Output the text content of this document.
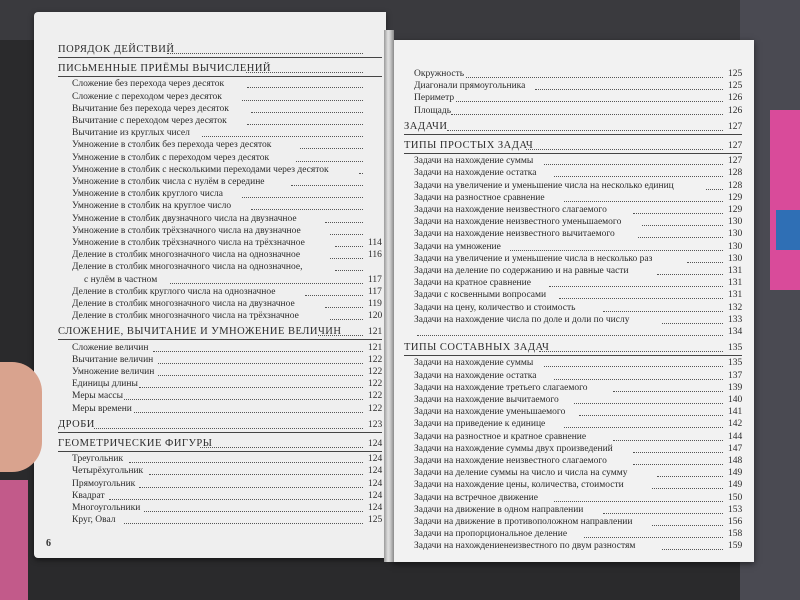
ПОРЯДОК ДЕЙСТВИЙ
ПИСЬМЕННЫЕ ПРИЁМЫ ВЫЧИСЛЕНИЙ
Сложение без перехода через десяток
Сложение с переходом через десяток
Вычитание без перехода через десяток
Вычитание с переходом через десяток
Вычитание из круглых чисел
Умножение в столбик без перехода через десяток
Умножение в столбик с переходом через десяток
Умножение в столбик с несколькими переходами через десяток
Умножение в столбик числа с нулём в середине
Умножение в столбик круглого числа
Умножение в столбик на круглое число
Умножение в столбик двузначного числа на двузначное
Умножение в столбик трёхзначного числа на двузначное
Умножение в столбик трёхзначного числа на трёхзначное	114
Деление в столбик многозначного числа на однозначное	116
Деление в столбик многозначного числа на однозначное,
с нулём в частном	117
Деление в столбик круглого числа на однозначное	117
Деление в столбик многозначного числа на двузначное	119
Деление в столбик многозначного числа на трёхзначное	120
СЛОЖЕНИЕ, ВЫЧИТАНИЕ И УМНОЖЕНИЕ ВЕЛИЧИН	121
Сложение величин	121
Вычитание величин	122
Умножение величин	122
Единицы длины	122
Меры массы	122
Меры времени	122
ДРОБИ	123
ГЕОМЕТРИЧЕСКИЕ ФИГУРЫ	124
Треугольник	124
Четырёхугольник	124
Прямоугольник	124
Квадрат	124
Многоугольники	124
Круг, Овал	125
Окружность	125
Диагонали прямоугольника	125
Периметр	126
Площадь	126
ЗАДАЧИ	127
ТИПЫ ПРОСТЫХ ЗАДАЧ	127
Задачи на нахождение суммы	127
Задачи на нахождение остатка	128
Задачи на увеличение и уменьшение числа на несколько единиц	128
Задачи на разностное сравнение	129
Задачи на нахождение неизвестного слагаемого	129
Задачи на нахождение неизвестного уменьшаемого	130
Задачи на нахождение неизвестного вычитаемого	130
Задачи на умножение	130
Задачи на увеличение и уменьшение числа в несколько раз	130
Задачи на деление по содержанию и на равные части	131
Задачи на кратное сравнение	131
Задачи с косвенными вопросами	131
Задачи на цену, количество и стоимость	132
Задачи на нахождение числа по доле и доли по числу	133
134
ТИПЫ СОСТАВНЫХ ЗАДАЧ	135
Задачи на нахождение суммы	135
Задачи на нахождение остатка	137
Задачи на нахождение третьего слагаемого	139
Задачи на нахождение вычитаемого	140
Задачи на нахождение уменьшаемого	141
Задачи на приведение к единице	142
Задачи на разностное и кратное сравнение	144
Задачи на нахождение суммы двух произведений	147
Задачи на нахождение неизвестного слагаемого	148
Задачи на деление суммы на число и числа на сумму	149
Задачи на нахождение цены, количества, стоимости	149
Задачи на встречное движение	150
Задачи на движение в одном направлении	153
Задачи на движение в противоположном направлении	156
Задачи на пропорциональное деление	158
Задачи на нахождениенеизвестного по двум разностям	159
6
